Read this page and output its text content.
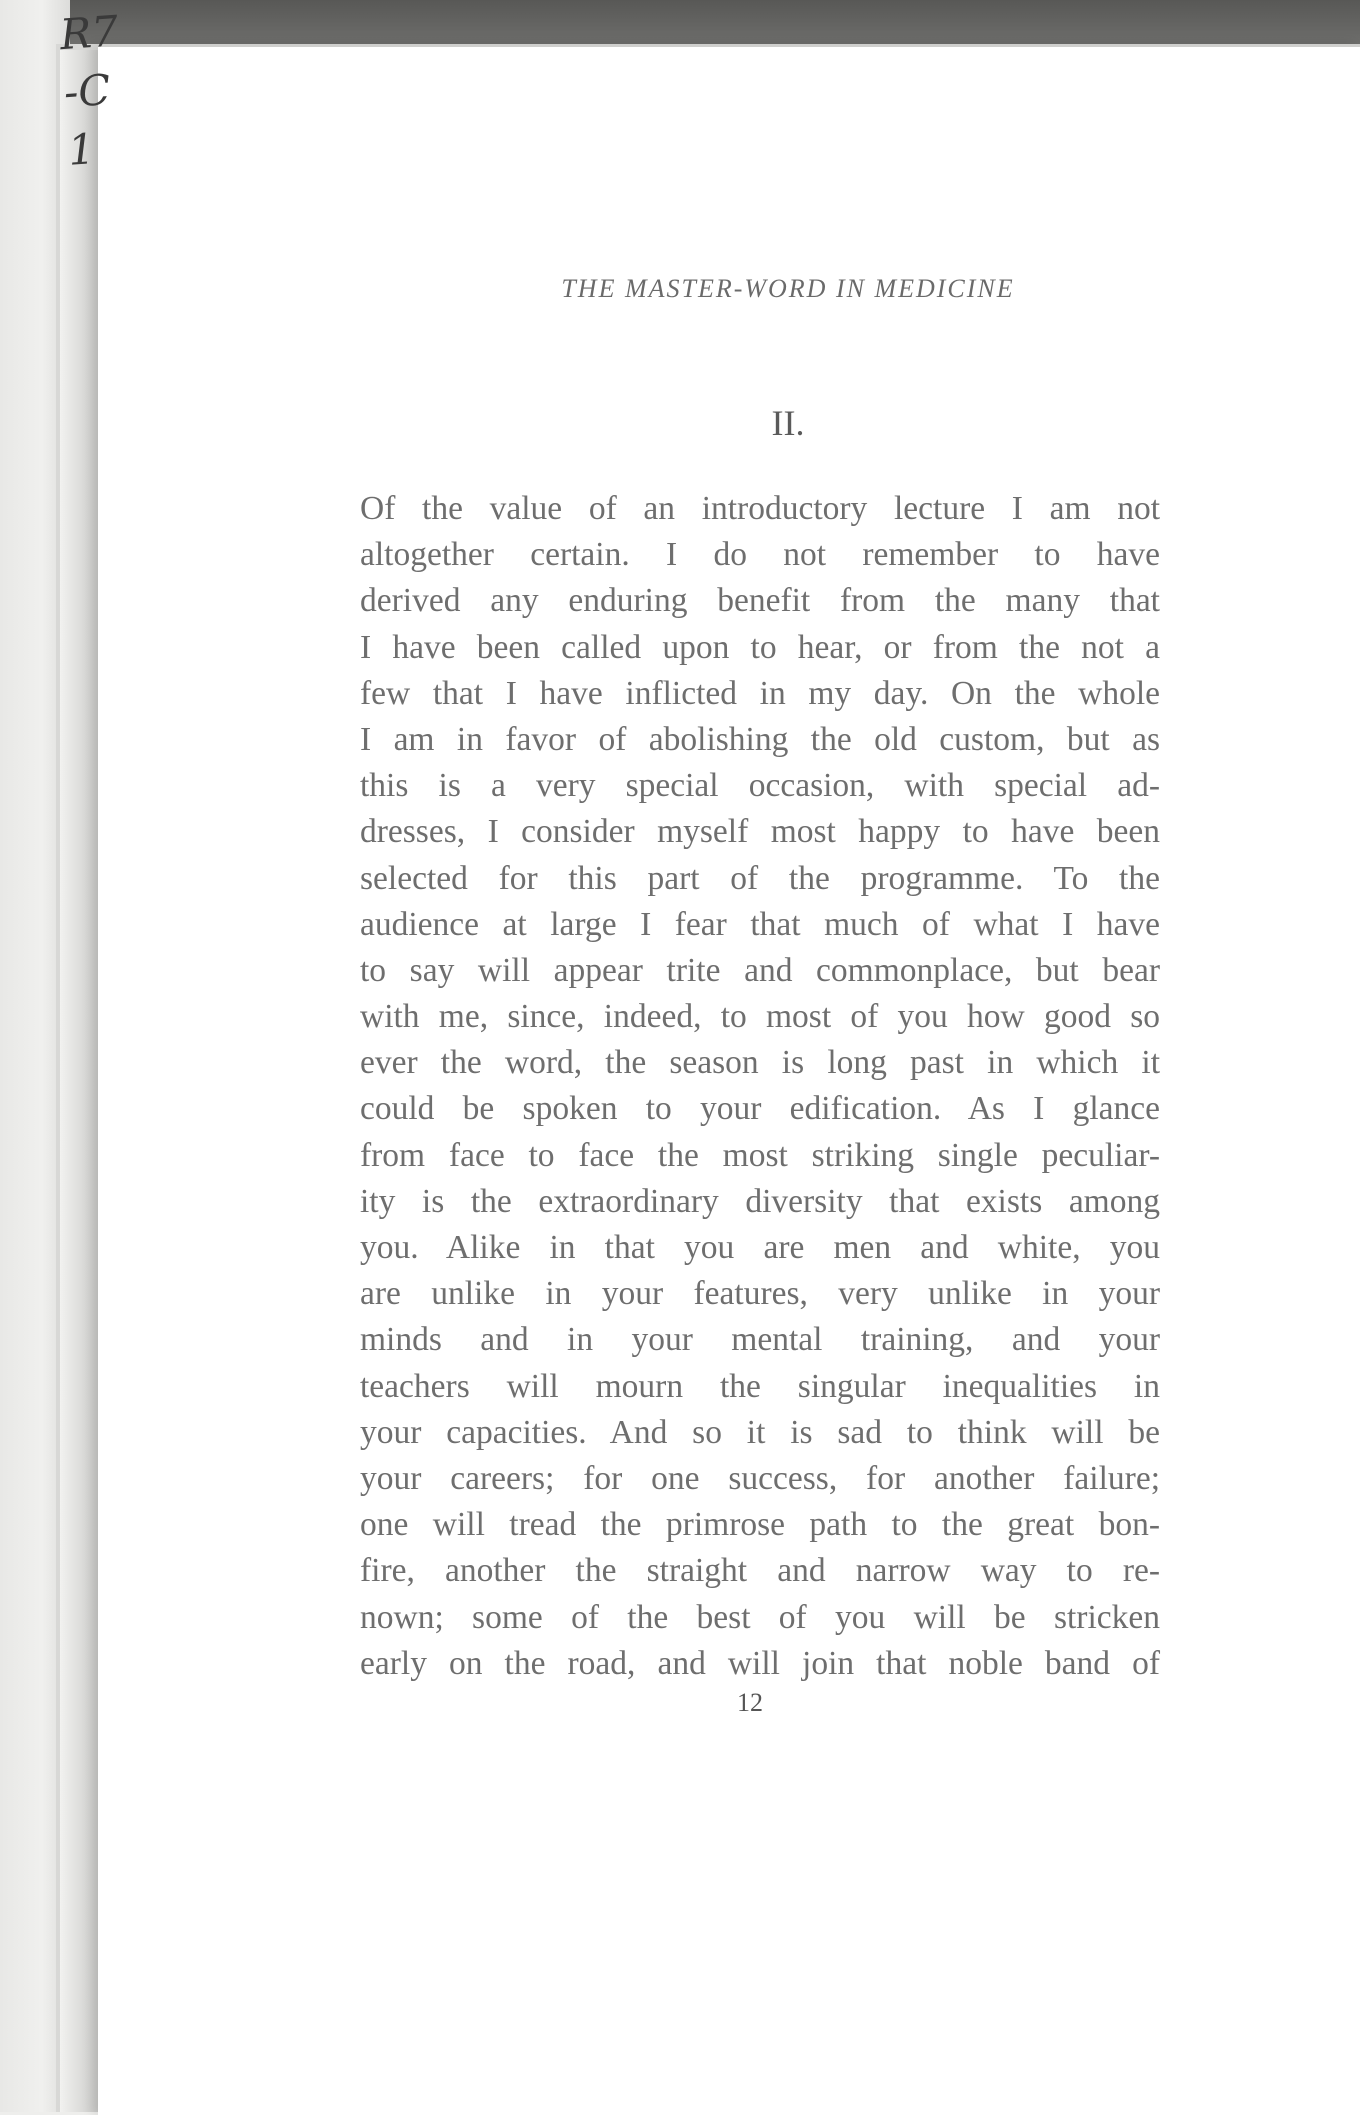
R7
-C
1
THE MASTER-WORD IN MEDICINE
II.
Of the value of an introductory lecture I am not
altogether certain. I do not remember to have
derived any enduring benefit from the many that
I have been called upon to hear, or from the not a
few that I have inflicted in my day. On the whole
I am in favor of abolishing the old custom, but as
this is a very special occasion, with special ad-
dresses, I consider myself most happy to have been
selected for this part of the programme. To the
audience at large I fear that much of what I have
to say will appear trite and commonplace, but bear
with me, since, indeed, to most of you how good so
ever the word, the season is long past in which it
could be spoken to your edification. As I glance
from face to face the most striking single peculiar-
ity is the extraordinary diversity that exists among
you. Alike in that you are men and white, you
are unlike in your features, very unlike in your
minds and in your mental training, and your
teachers will mourn the singular inequalities in
your capacities. And so it is sad to think will be
your careers; for one success, for another failure;
one will tread the primrose path to the great bon-
fire, another the straight and narrow way to re-
nown; some of the best of you will be stricken
early on the road, and will join that noble band of
12
